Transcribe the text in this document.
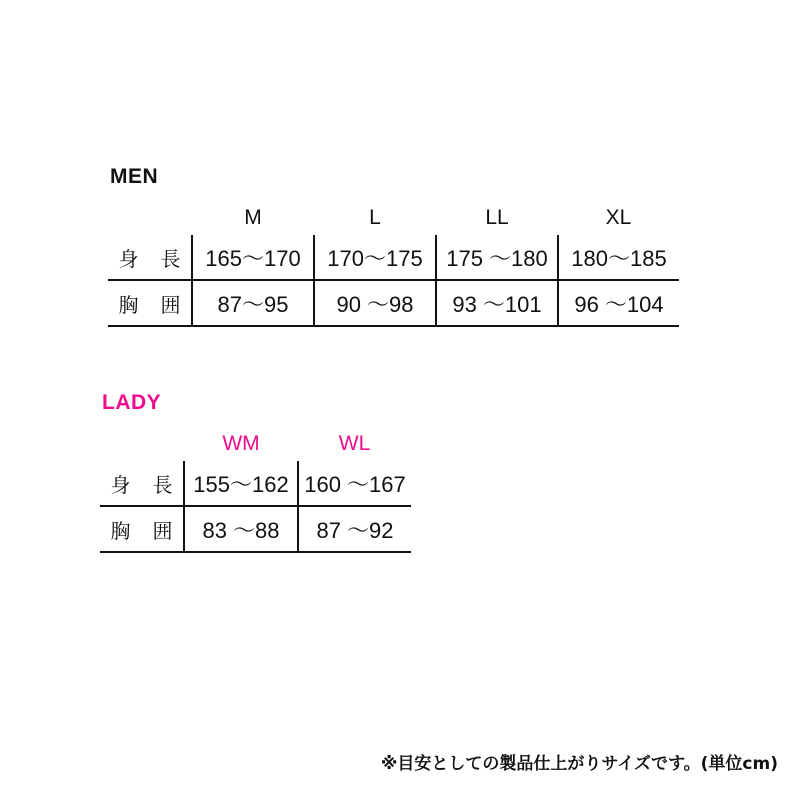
MEN
	M	L	LL	XL
身 長	165〜170	170〜175	175 〜180	180〜185
胸 囲	87〜95	90 〜98	93 〜101	96 〜104
LADY
	WM	WL
身 長	155〜162	160 〜167
胸 囲	83 〜88	87 〜92
※目安としての製品仕上がりサイズです。(単位cm)
